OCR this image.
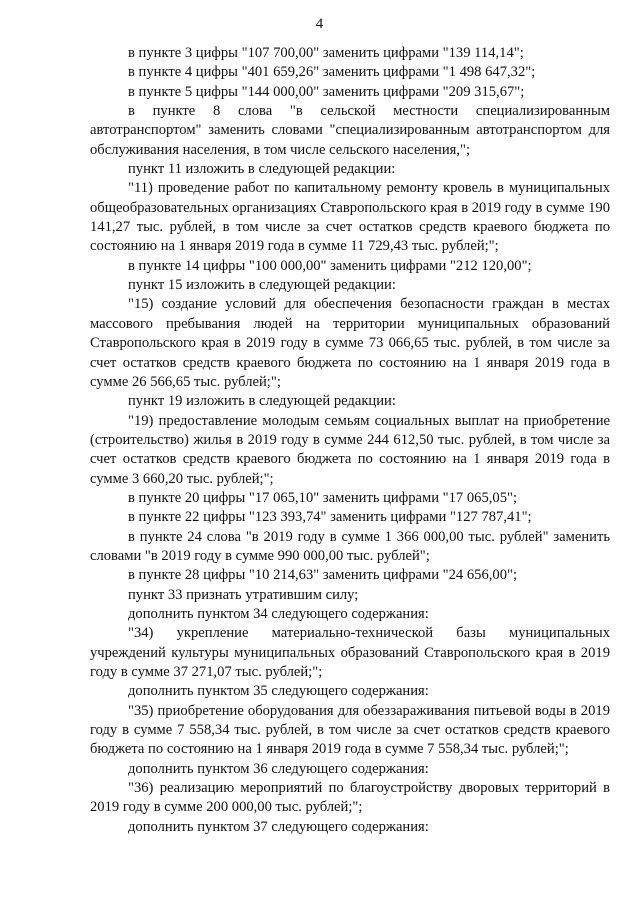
4

в пункте 3 цифры "107 700,00" заменить цифрами "139 114,14";

в пункте 4 цифры "401 659,26" заменить цифрами "1 498 647,32";

в пункте 5 цифры "144 000,00" заменить цифрами "209 315,67";

в пункте 8 слова "в сельской местности специализированным автотранспортом" заменить словами "специализированным автотранспортом для обслуживания населения, в том числе сельского населения,";

пункт 11 изложить в следующей редакции:

"11) проведение работ по капитальному ремонту кровель в муниципальных общеобразовательных организациях Ставропольского края в 2019 году в сумме 190 141,27 тыс. рублей, в том числе за счет остатков средств краевого бюджета по состоянию на 1 января 2019 года в сумме 11 729,43 тыс. рублей;";

в пункте 14 цифры "100 000,00" заменить цифрами "212 120,00";

пункт 15 изложить в следующей редакции:

"15) создание условий для обеспечения безопасности граждан в местах массового пребывания людей на территории муниципальных образований Ставропольского края в 2019 году в сумме 73 066,65 тыс. рублей, в том числе за счет остатков средств краевого бюджета по состоянию на 1 января 2019 года в сумме 26 566,65 тыс. рублей;";

пункт 19 изложить в следующей редакции:

"19) предоставление молодым семьям социальных выплат на приобретение (строительство) жилья в 2019 году в сумме 244 612,50 тыс. рублей, в том числе за счет остатков средств краевого бюджета по состоянию на 1 января 2019 года в сумме 3 660,20 тыс. рублей;";

в пункте 20 цифры "17 065,10" заменить цифрами "17 065,05";

в пункте 22 цифры "123 393,74" заменить цифрами "127 787,41";

в пункте 24 слова "в 2019 году в сумме 1 366 000,00 тыс. рублей" заменить словами "в 2019 году в сумме 990 000,00 тыс. рублей";

в пункте 28 цифры "10 214,63" заменить цифрами "24 656,00";

пункт 33 признать утратившим силу;

дополнить пунктом 34 следующего содержания:

"34) укрепление материально-технической базы муниципальных учреждений культуры муниципальных образований Ставропольского края в 2019 году в сумме 37 271,07 тыс. рублей;";

дополнить пунктом 35 следующего содержания:

"35) приобретение оборудования для обеззараживания питьевой воды в 2019 году в сумме 7 558,34 тыс. рублей, в том числе за счет остатков средств краевого бюджета по состоянию на 1 января 2019 года в сумме 7 558,34 тыс. рублей;";

дополнить пунктом 36 следующего содержания:

"36) реализацию мероприятий по благоустройству дворовых территорий в 2019 году в сумме 200 000,00 тыс. рублей;";

дополнить пунктом 37 следующего содержания:
